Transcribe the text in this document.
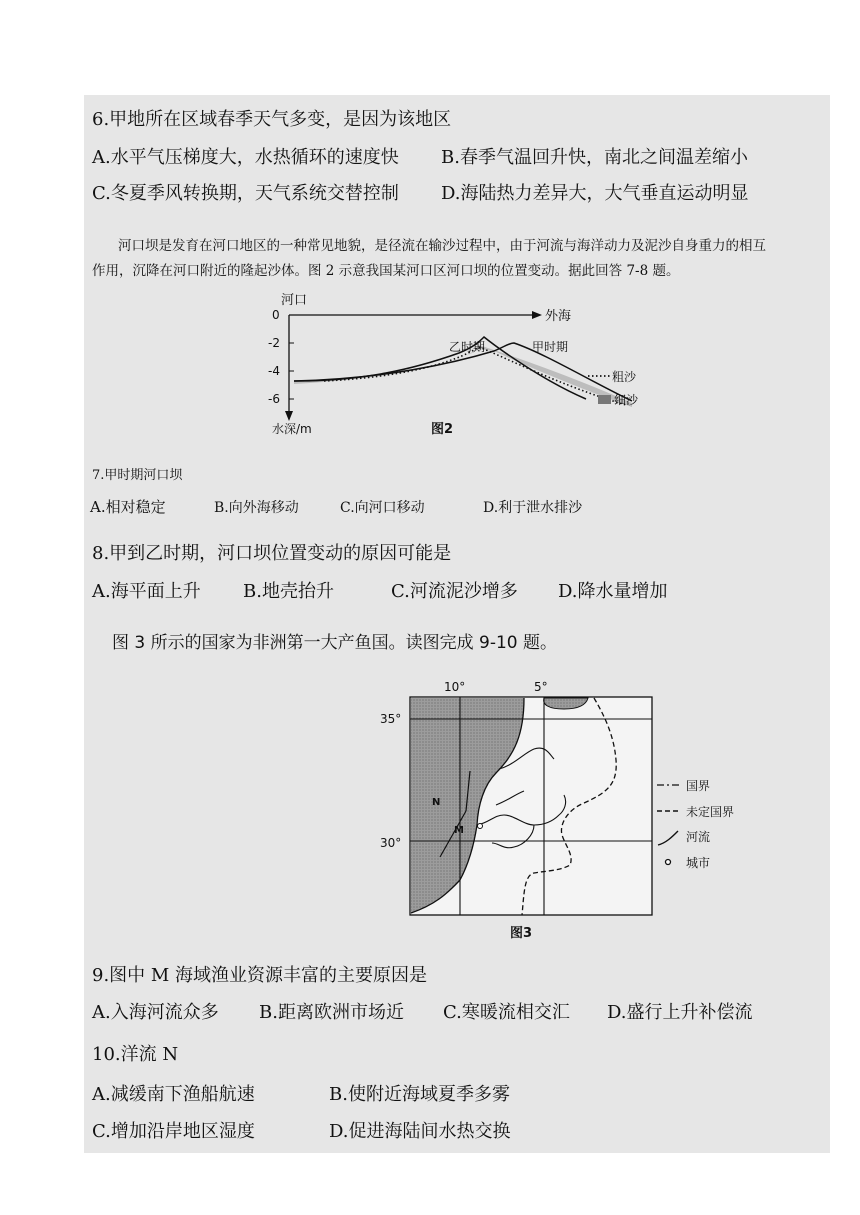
6.甲地所在区域春季天气多变，是因为该地区
A.水平气压梯度大，水热循环的速度快 B.春季气温回升快，南北之间温差缩小
C.冬夏季风转换期，天气系统交替控制 D.海陆热力差异大，大气垂直运动明显
河口坝是发育在河口地区的一种常见地貌，是径流在输沙过程中，由于河流与海洋动力及泥沙自身重力的相互
作用，沉降在河口附近的隆起沙体。图 2 示意我国某河口区河口坝的位置变动。据此回答 7-8 题。
河口
外海
0
-2
-4
-6
乙时期	甲时期
粗沙
细沙
水深/m	图2
7.甲时期河口坝
A.相对稳定	B.向外海移动	C.向河口移动	D.利于泄水排沙
8.甲到乙时期，河口坝位置变动的原因可能是
A.海平面上升 B.地壳抬升	C.河流泥沙增多 D.降水量增加
图 3 所示的国家为非洲第一大产鱼国。读图完成 9-10 题。
10°	5°
35°
30°
N
M
国界
未定国界
河流
城市
图3
9.图中 M 海域渔业资源丰富的主要原因是
A.入海河流众多 B.距离欧洲市场近 C.寒暖流相交汇 D.盛行上升补偿流
10.洋流 N
A.减缓南下渔船航速	B.使附近海域夏季多雾
C.增加沿岸地区湿度	D.促进海陆间水热交换
